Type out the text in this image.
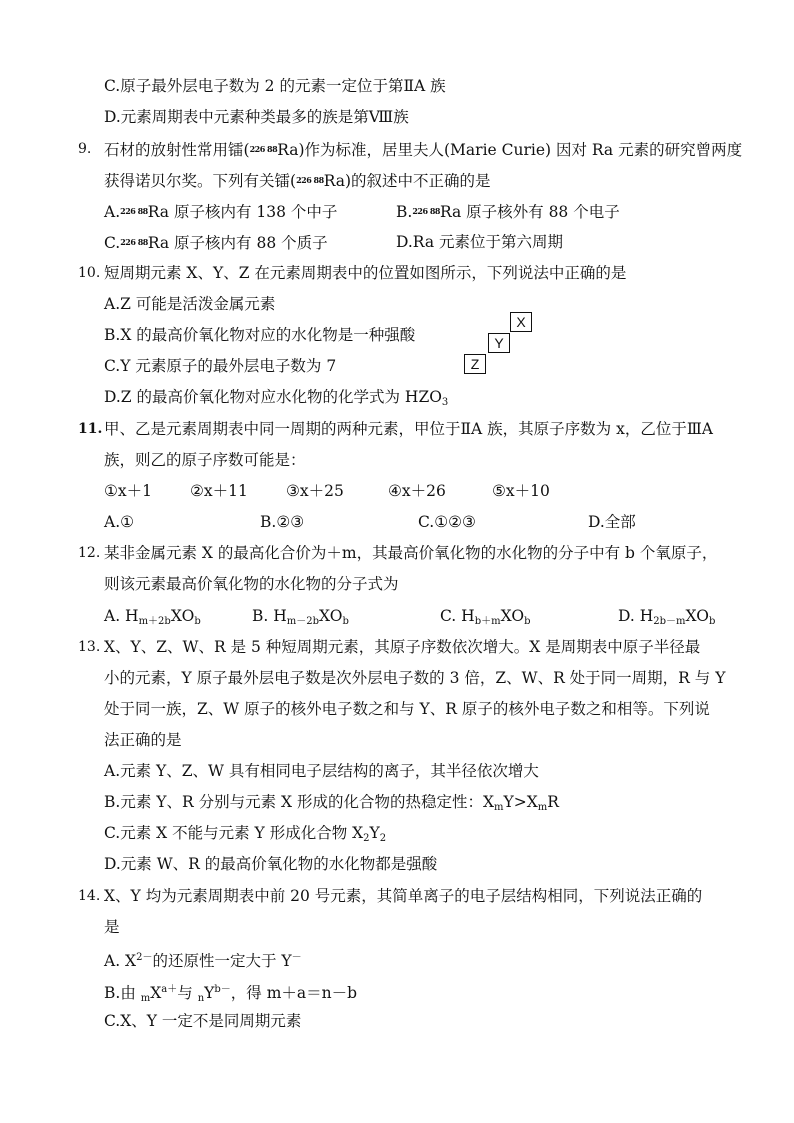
C.原子最外层电子数为 2 的元素一定位于第ⅡA 族
D.元素周期表中元素种类最多的族是第Ⅷ族
9. 石材的放射性常用镭(226 88Ra)作为标准，居里夫人(Marie Curie) 因对 Ra 元素的研究曾两度
获得诺贝尔奖。下列有关镭(226 88Ra)的叙述中不正确的是
A.226 88Ra 原子核内有 138 个中子	B.226 88Ra 原子核外有 88 个电子
C.226 88Ra 原子核内有 88 个质子	D.Ra 元素位于第六周期
10. 短周期元素 X、Y、Z 在元素周期表中的位置如图所示，下列说法中正确的是
A.Z 可能是活泼金属元素
B.X 的最高价氧化物对应的水化物是一种强酸
C.Y 元素原子的最外层电子数为 7
D.Z 的最高价氧化物对应水化物的化学式为 $HZO_3$
X
Y
Z
11. 甲、乙是元素周期表中同一周期的两种元素，甲位于ⅡA 族，其原子序数为 x，乙位于ⅢA
族，则乙的原子序数可能是：
①x＋1 ②x＋11 ③x＋25	④x＋26	⑤x＋10
A.①	B.②③	C.①②③	D.全部
12. 某非金属元素 X 的最高化合价为＋m，其最高价氧化物的水化物的分子中有 b 个氧原子，
则该元素最高价氧化物的水化物的分子式为
A. $H_{m+2b}XO_b$	B. $H_{m-2b}XO_b$	C. $H_{b+m}XO_b$	D. $H_{2b-m}XO_b$
13. X、Y、Z、W、R 是 5 种短周期元素，其原子序数依次增大。X 是周期表中原子半径最
小的元素，Y 原子最外层电子数是次外层电子数的 3 倍，Z、W、R 处于同一周期，R 与 Y
处于同一族，Z、W 原子的核外电子数之和与 Y、R 原子的核外电子数之和相等。下列说
法正确的是
A.元素 Y、Z、W 具有相同电子层结构的离子，其半径依次增大
B.元素 Y、R 分别与元素 X 形成的化合物的热稳定性：$X_mY>X_mR$
C.元素 X 不能与元素 Y 形成化合物 $X_2Y_2$
D.元素 W、R 的最高价氧化物的水化物都是强酸
14. X、Y 均为元素周期表中前 20 号元素，其简单离子的电子层结构相同，下列说法正确的
是
A. $X^{2-}$的还原性一定大于 Y－
B.由 $_mX^{a+}$与 $_nY^{b-}$，得 m＋a＝n－b
C.X、Y 一定不是同周期元素
